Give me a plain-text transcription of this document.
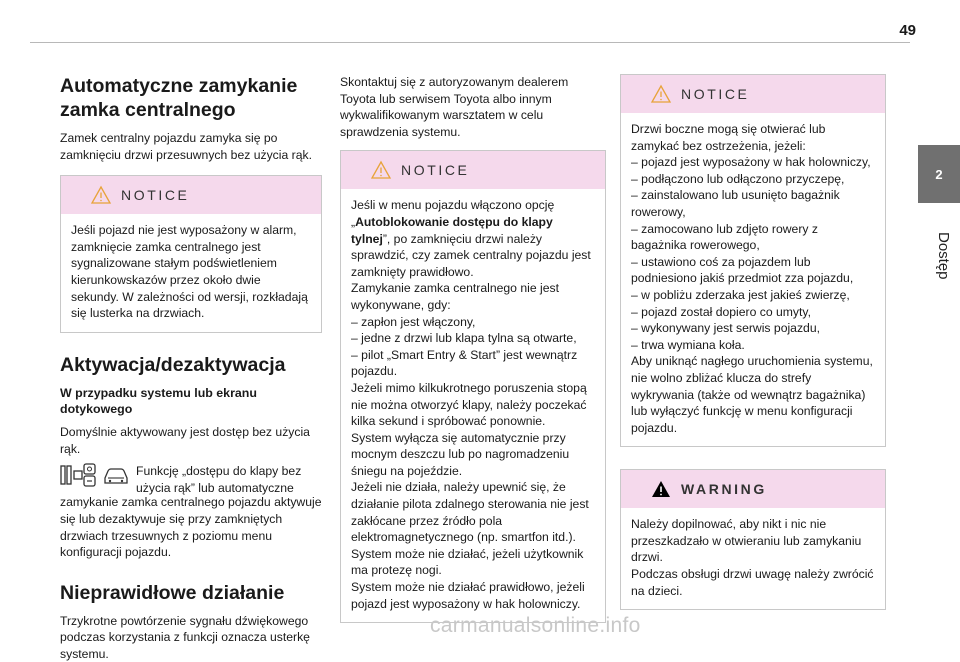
49
2
Dostęp
Automatyczne zamykanie zamka centralnego

Zamek centralny pojazdu zamyka się po zamknięciu drzwi przesuwnych bez użycia rąk.

NOTICE

Jeśli pojazd nie jest wyposażony w alarm, zamknięcie zamka centralnego jest sygnalizowane stałym podświetleniem kierunkowskazów przez około dwie sekundy. W zależności od wersji, rozkładają się lusterka na drzwiach.

Aktywacja/dezaktywacja
W przypadku systemu lub ekranu dotykowego

Domyślnie aktywowany jest dostęp bez użycia rąk.

Funkcję „dostępu do klapy bez użycia rąk” lub automatyczne

zamykanie zamka centralnego pojazdu aktywuje się lub dezaktywuje się przy zamkniętych drzwiach trzesuwnych z poziomu menu konfiguracji pojazdu.

Nieprawidłowe działanie

Trzykrotne powtórzenie sygnału dźwiękowego podczas korzystania z funkcji oznacza usterkę systemu.

Skontaktuj się z autoryzowanym dealerem Toyota lub serwisem Toyota albo innym wykwalifikowanym warsztatem w celu sprawdzenia systemu.

NOTICE

Jeśli w menu pojazdu włączono opcję „Autoblokowanie dostępu do klapy tylnej”, po zamknięciu drzwi należy sprawdzić, czy zamek centralny pojazdu jest zamknięty prawidłowo.

Zamykanie zamka centralnego nie jest wykonywane, gdy:

– zapłon jest włączony,

– jedne z drzwi lub klapa tylna są otwarte,

– pilot „Smart Entry & Start” jest wewnątrz pojazdu.

Jeżeli mimo kilkukrotnego poruszenia stopą nie można otworzyć klapy, należy poczekać kilka sekund i spróbować ponownie.

System wyłącza się automatycznie przy mocnym deszczu lub po nagromadzeniu śniegu na pojeździe.

Jeżeli nie działa, należy upewnić się, że działanie pilota zdalnego sterowania nie jest zakłócane przez źródło pola elektromagnetycznego (np. smartfon itd.).

System może nie działać, jeżeli użytkownik ma protezę nogi.

System może nie działać prawidłowo, jeżeli pojazd jest wyposażony w hak holowniczy.

NOTICE

Drzwi boczne mogą się otwierać lub zamykać bez ostrzeżenia, jeżeli:

– pojazd jest wyposażony w hak holowniczy,

– podłączono lub odłączono przyczepę,

– zainstalowano lub usunięto bagażnik rowerowy,

– zamocowano lub zdjęto rowery z bagażnika rowerowego,

– ustawiono coś za pojazdem lub podniesiono jakiś przedmiot zza pojazdu,

– w pobliżu zderzaka jest jakieś zwierzę,

– pojazd został dopiero co umyty,

– wykonywany jest serwis pojazdu,

– trwa wymiana koła.

Aby uniknąć nagłego uruchomienia systemu, nie wolno zbliżać klucza do strefy wykrywania (także od wewnątrz bagażnika) lub wyłączyć funkcję w menu konfiguracji pojazdu.

WARNING

Należy dopilnować, aby nikt i nic nie przeszkadzało w otwieraniu lub zamykaniu drzwi.

Podczas obsługi drzwi uwagę należy zwrócić na dzieci.

carmanualsonline.info
